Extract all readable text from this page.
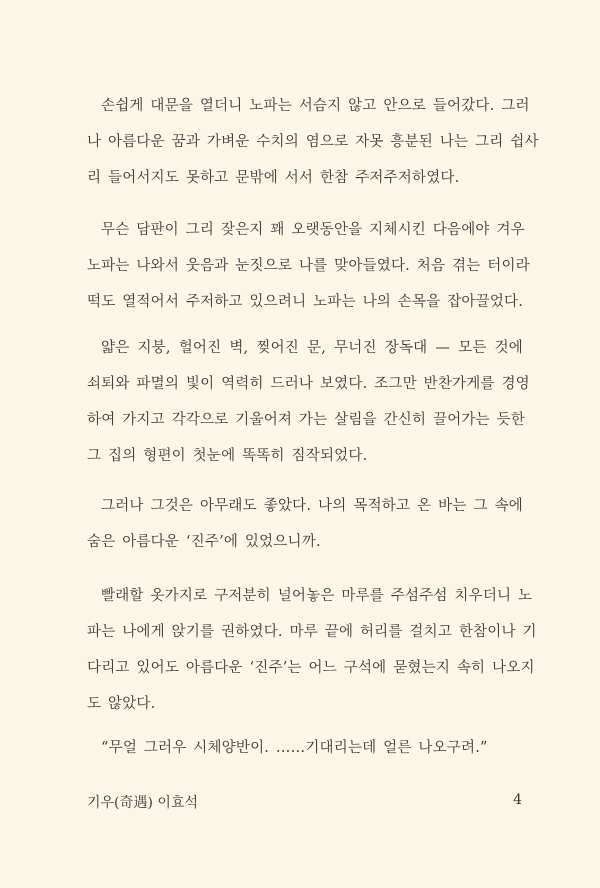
손쉽게 대문을 열더니 노파는 서슴지 않고 안으로 들어갔다. 그러
나 아름다운 꿈과 가벼운 수치의 염으로 자못 흥분된 나는 그리 쉽사
리 들어서지도 못하고 문밖에 서서 한참 주저주저하였다.

무슨 담판이 그리 잦은지 꽤 오랫동안을 지체시킨 다음에야 겨우
노파는 나와서 웃음과 눈짓으로 나를 맞아들였다. 처음 겪는 터이라
떡도 열적어서 주저하고 있으려니 노파는 나의 손목을 잡아끌었다.

얇은 지붕, 헐어진 벽, 찢어진 문, 무너진 장독대 — 모든 것에
쇠퇴와 파멸의 빛이 역력히 드러나 보였다. 조그만 반찬가게를 경영
하여 가지고 각각으로 기울어져 가는 살림을 간신히 끌어가는 듯한
그 집의 형편이 첫눈에 똑똑히 짐작되었다.

그러나 그것은 아무래도 좋았다. 나의 목적하고 온 바는 그 속에
숨은 아름다운 ‘진주’에 있었으니까.

빨래할 옷가지로 구저분히 널어놓은 마루를 주섬주섬 치우더니 노
파는 나에게 앉기를 권하였다. 마루 끝에 허리를 걸치고 한참이나 기
다리고 있어도 아름다운 ‘진주’는 어느 구석에 묻혔는지 속히 나오지
도 않았다.

“무얼 그러우 시체양반이. ……기대리는데 얼른 나오구려.”

기우(奇遇) 이효석	4
